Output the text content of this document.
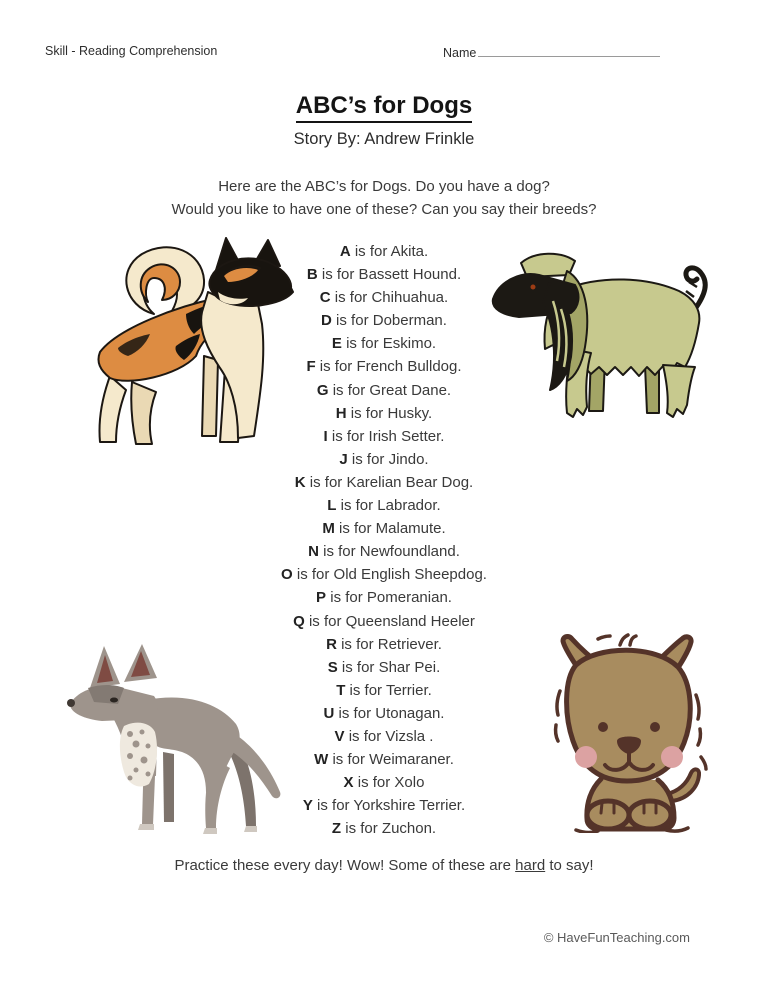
Skill - Reading Comprehension	Name
ABC’s for Dogs
Story By: Andrew Frinkle
Here are the ABC’s for Dogs. Do you have a dog?
Would you like to have one of these? Can you say their breeds?
A is for Akita.
B is for Bassett Hound.
C is for Chihuahua.
D is for Doberman.
E is for Eskimo.
F is for French Bulldog.
G is for Great Dane.
H is for Husky.
I is for Irish Setter.
J is for Jindo.
K is for Karelian Bear Dog.
L is for Labrador.
M is for Malamute.
N is for Newfoundland.
O is for Old English Sheepdog.
P is for Pomeranian.
Q is for Queensland Heeler
R is for Retriever.
S is for Shar Pei.
T is for Terrier.
U is for Utonagan.
V is for Vizsla .
W is for Weimaraner.
X is for Xolo
Y is for Yorkshire Terrier.
Z is for Zuchon.
Practice these every day! Wow! Some of these are hard to say!
© HaveFunTeaching.com
